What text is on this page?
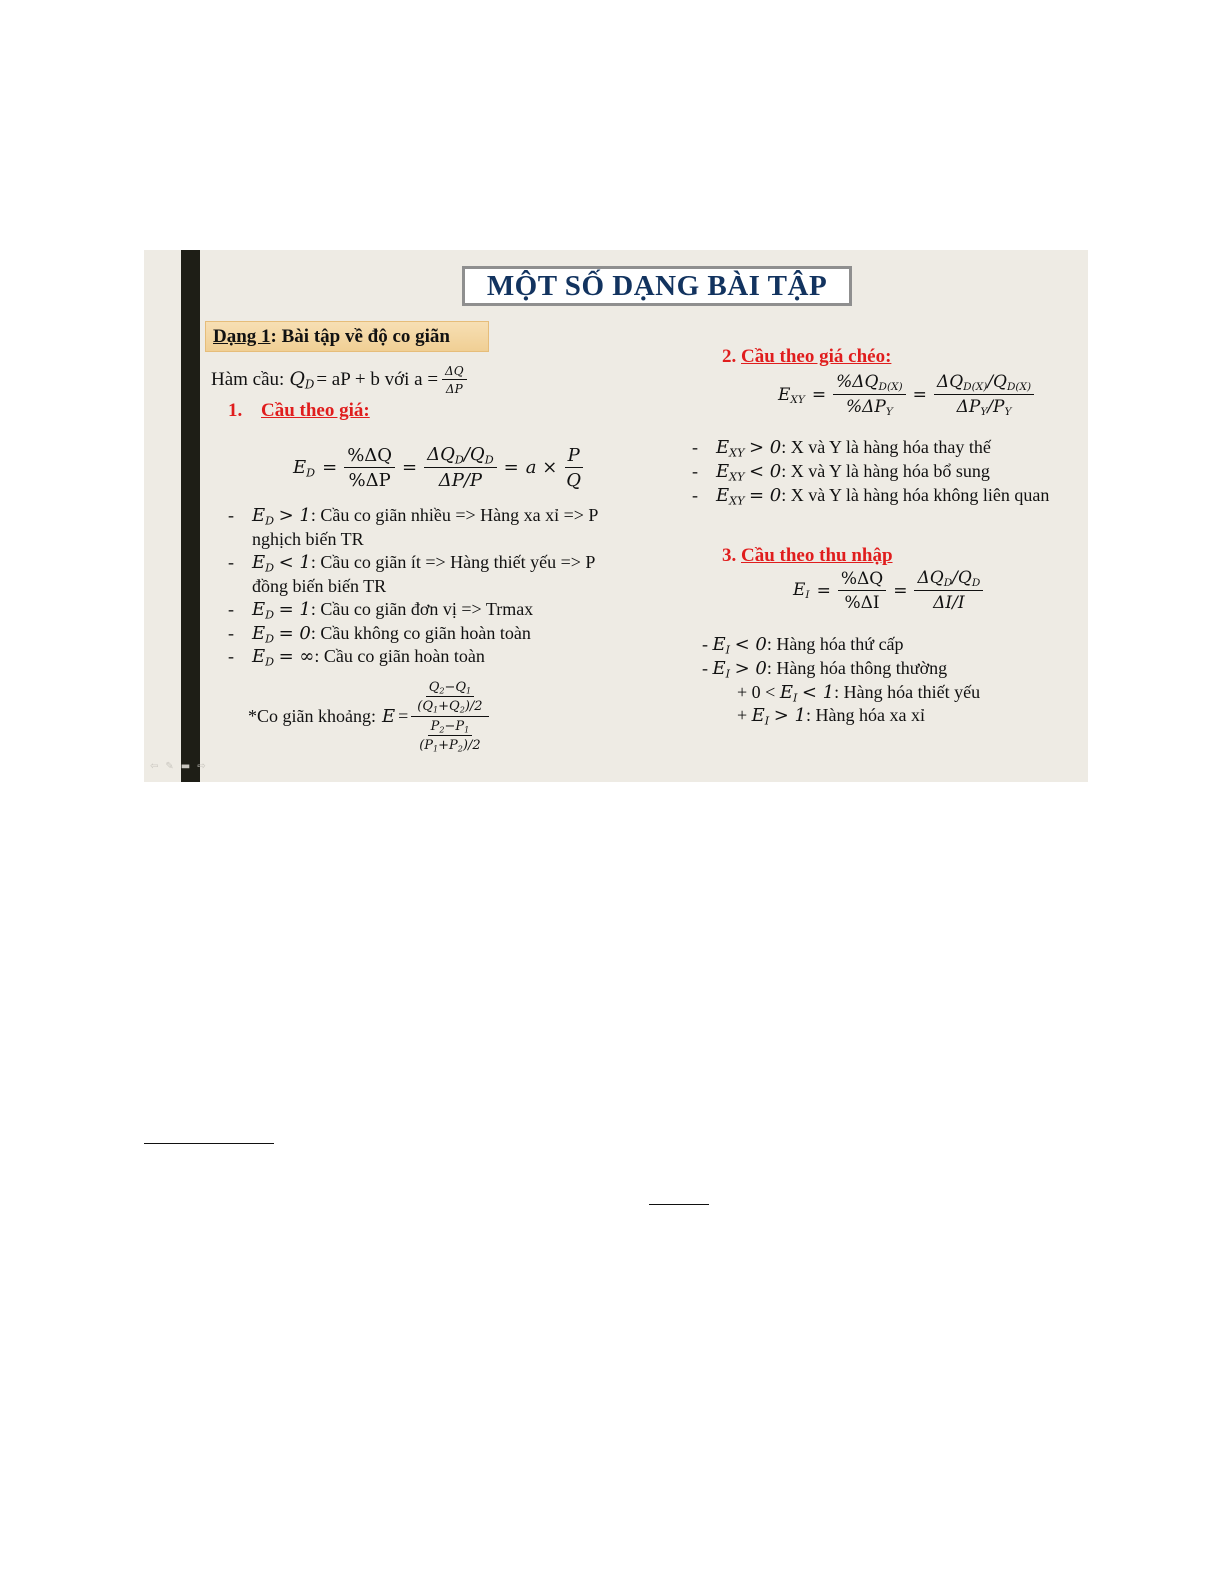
MỘT SỐ DẠNG BÀI TẬP
Dạng 1 : Bài tập về độ co giãn
Hàm cầu: $Q_D$ = aP + b với $a = \frac{\Delta Q}{\Delta P}$
1. Cầu theo giá:
$E_D = \frac{\%\Delta Q}{\%\Delta P} = \frac{\Delta Q_D/Q_D}{\Delta P/P} = a \times \frac{P}{Q}$
- $E_D > 1$: Cầu co giãn nhiều => Hàng xa xỉ => P
nghịch biến TR
- $E_D < 1$: Cầu co giãn ít => Hàng thiết yếu => P
đồng biến biến TR
- $E_D = 1$: Cầu co giãn đơn vị => Trmax
- $E_D = 0$: Cầu không co giãn hoàn toàn
- $E_D$ = ∞: Cầu co giãn hoàn toàn
*Co giãn khoảng: $E = \frac{\frac{Q_2-Q_1}{(Q_1+Q_2)/2}}{\frac{P_2-P_1}{(P_1+P_2)/2}}$
2. Cầu theo giá chéo:
$E_{XY} = \frac{\%\Delta Q_{D(X)}}{\%\Delta P_Y} = \frac{\Delta Q_{D(X)}/Q_{D(X)}}{\Delta P_Y/P_Y}$
- $E_{XY} > 0$: X và Y là hàng hóa thay thế
- $E_{XY} < 0$: X và Y là hàng hóa bổ sung
- $E_{XY} = 0$: X và Y là hàng hóa không liên quan
3. Cầu theo thu nhập
$E_I = \frac{\%\Delta Q}{\%\Delta I} = \frac{\Delta Q_D/Q_D}{\Delta I/I}$
- $E_I < 0$: Hàng hóa thứ cấp
- $E_I > 0$: Hàng hóa thông thường
+ $0 < E_I < 1$: Hàng hóa thiết yếu
+ $E_I > 1$: Hàng hóa xa xỉ
⇦✎▬⇨
